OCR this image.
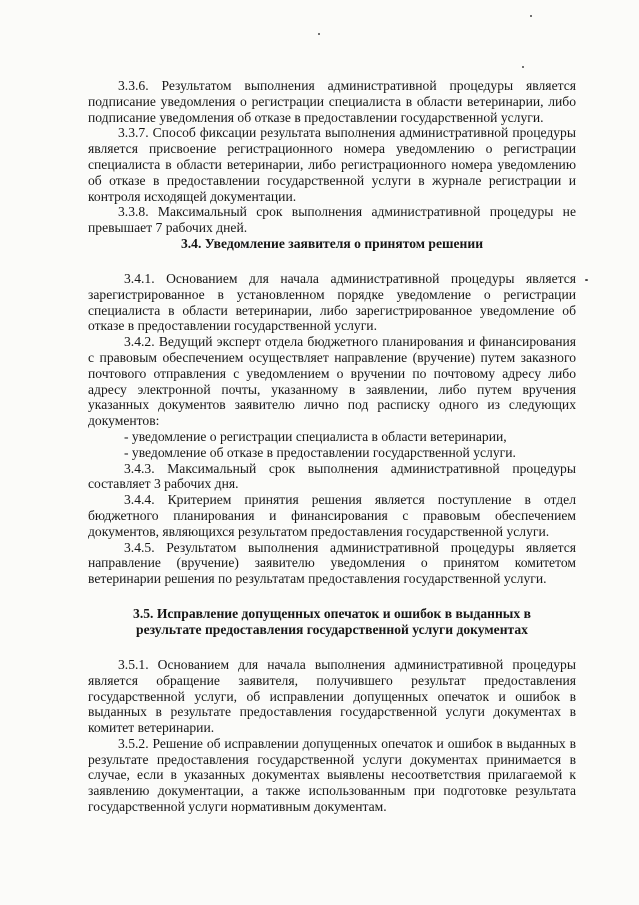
3.3.6. Результатом выполнения административной процедуры является подписание уведомления о регистрации специалиста в области ветеринарии, либо подписание уведомления об отказе в предоставлении государственной услуги.

3.3.7. Способ фиксации результата выполнения административной процедуры является присвоение регистрационного номера уведомлению о регистрации специалиста в области ветеринарии, либо регистрационного номера уведомлению об отказе в предоставлении государственной услуги в журнале регистрации и контроля исходящей документации.

3.3.8. Максимальный срок выполнения административной процедуры не превышает 7 рабочих дней.

3.4. Уведомление заявителя о принятом решении

3.4.1. Основанием для начала административной процедуры является зарегистрированное в установленном порядке уведомление о регистрации специалиста в области ветеринарии, либо зарегистрированное уведомление об отказе в предоставлении государственной услуги.

3.4.2. Ведущий эксперт отдела бюджетного планирования и финансирования с правовым обеспечением осуществляет направление (вручение) путем заказного почтового отправления с уведомлением о вручении по почтовому адресу либо адресу электронной почты, указанному в заявлении, либо путем вручения указанных документов заявителю лично под расписку одного из следующих документов:

- уведомление о регистрации специалиста в области ветеринарии,

- уведомление об отказе в предоставлении государственной услуги.

3.4.3. Максимальный срок выполнения административной процедуры составляет 3 рабочих дня.

3.4.4. Критерием принятия решения является поступление в отдел бюджетного планирования и финансирования с правовым обеспечением документов, являющихся результатом предоставления государственной услуги.

3.4.5. Результатом выполнения административной процедуры является направление (вручение) заявителю уведомления о принятом комитетом ветеринарии решения по результатам предоставления государственной услуги.

3.5. Исправление допущенных опечаток и ошибок в выданных в

результате предоставления государственной услуги документах

3.5.1. Основанием для начала выполнения административной процедуры является обращение заявителя, получившего результат предоставления государственной услуги, об исправлении допущенных опечаток и ошибок в выданных в результате предоставления государственной услуги документах в комитет ветеринарии.

3.5.2. Решение об исправлении допущенных опечаток и ошибок в выданных в результате предоставления государственной услуги документах принимается в случае, если в указанных документах выявлены несоответствия прилагаемой к заявлению документации, а также использованным при подготовке результата государственной услуги нормативным документам.
